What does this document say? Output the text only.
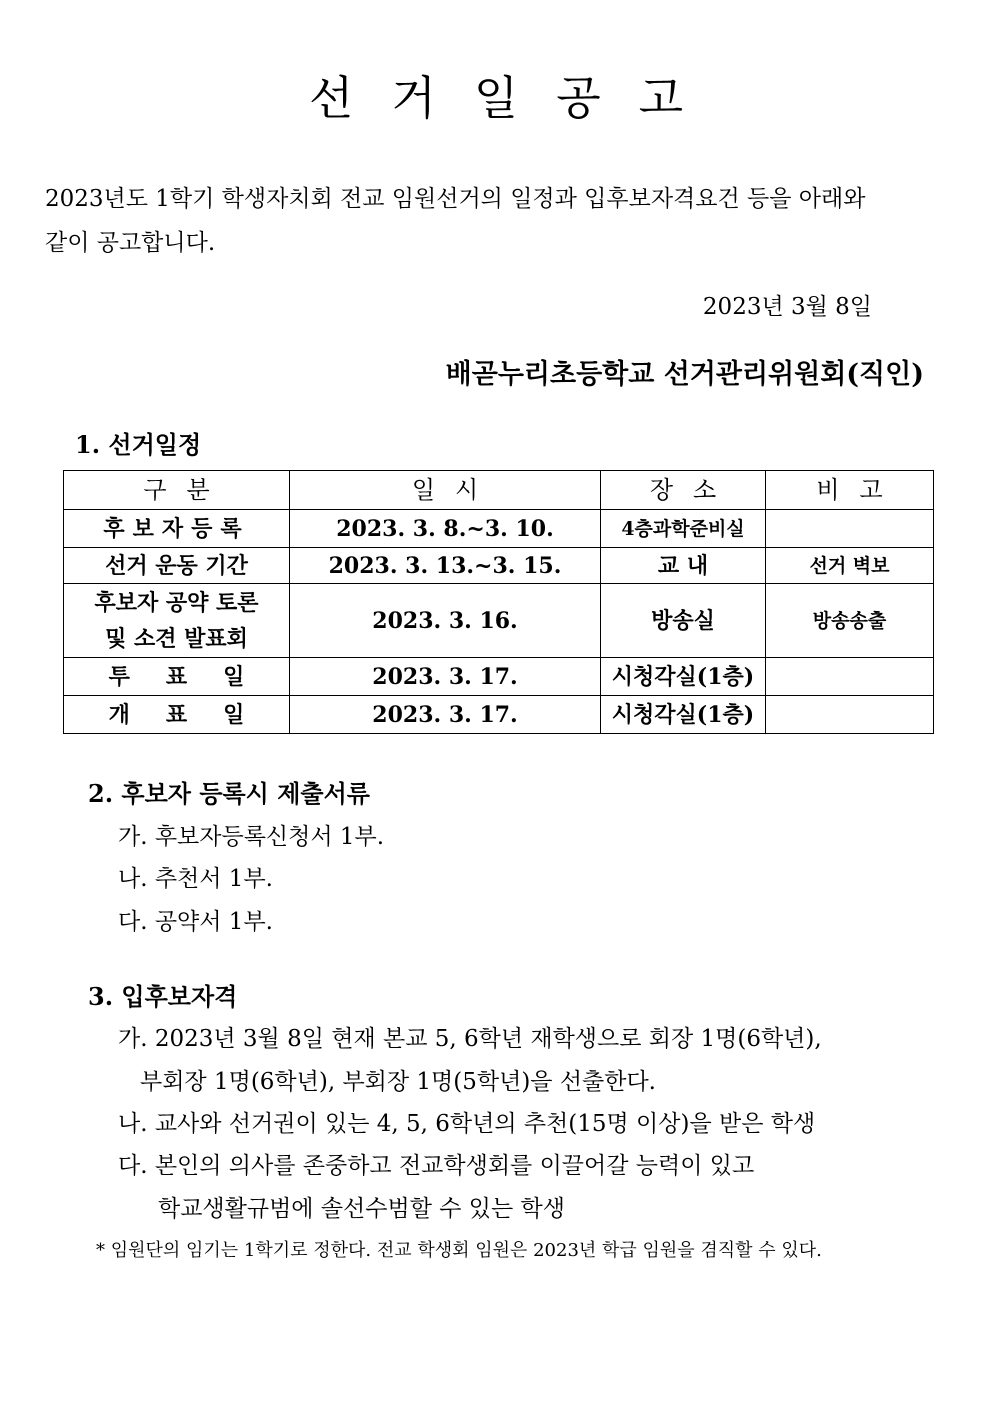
선거일공고
2023년도 1학기 학생자치회 전교 임원선거의 일정과 입후보자격요건 등을 아래와
같이 공고합니다.
2023년 3월 8일
배곧누리초등학교 선거관리위원회(직인)
1. 선거일정
구분	일시	장소	비고
후보자등록	2023. 3. 8.~3. 10.	4층과학준비실	
선거 운동 기간	2023. 3. 13.~3. 15.	교 내	선거 벽보

후보자 공약 토론
및 소견 발표회	2023. 3. 16.	방송실	방송송출
투표일	2023. 3. 17.	시청각실(1층)	
개표일	2023. 3. 17.	시청각실(1층)	
2. 후보자 등록시 제출서류
가. 후보자등록신청서 1부.
나. 추천서 1부.
다. 공약서 1부.
3. 입후보자격
가. 2023년 3월 8일 현재 본교 5, 6학년 재학생으로 회장 1명(6학년),
부회장 1명(6학년), 부회장 1명(5학년)을 선출한다.
나. 교사와 선거권이 있는 4, 5, 6학년의 추천(15명 이상)을 받은 학생
다. 본인의 의사를 존중하고 전교학생회를 이끌어갈 능력이 있고
학교생활규범에 솔선수범할 수 있는 학생
* 임원단의 임기는 1학기로 정한다. 전교 학생회 임원은 2023년 학급 임원을 겸직할 수 있다.
